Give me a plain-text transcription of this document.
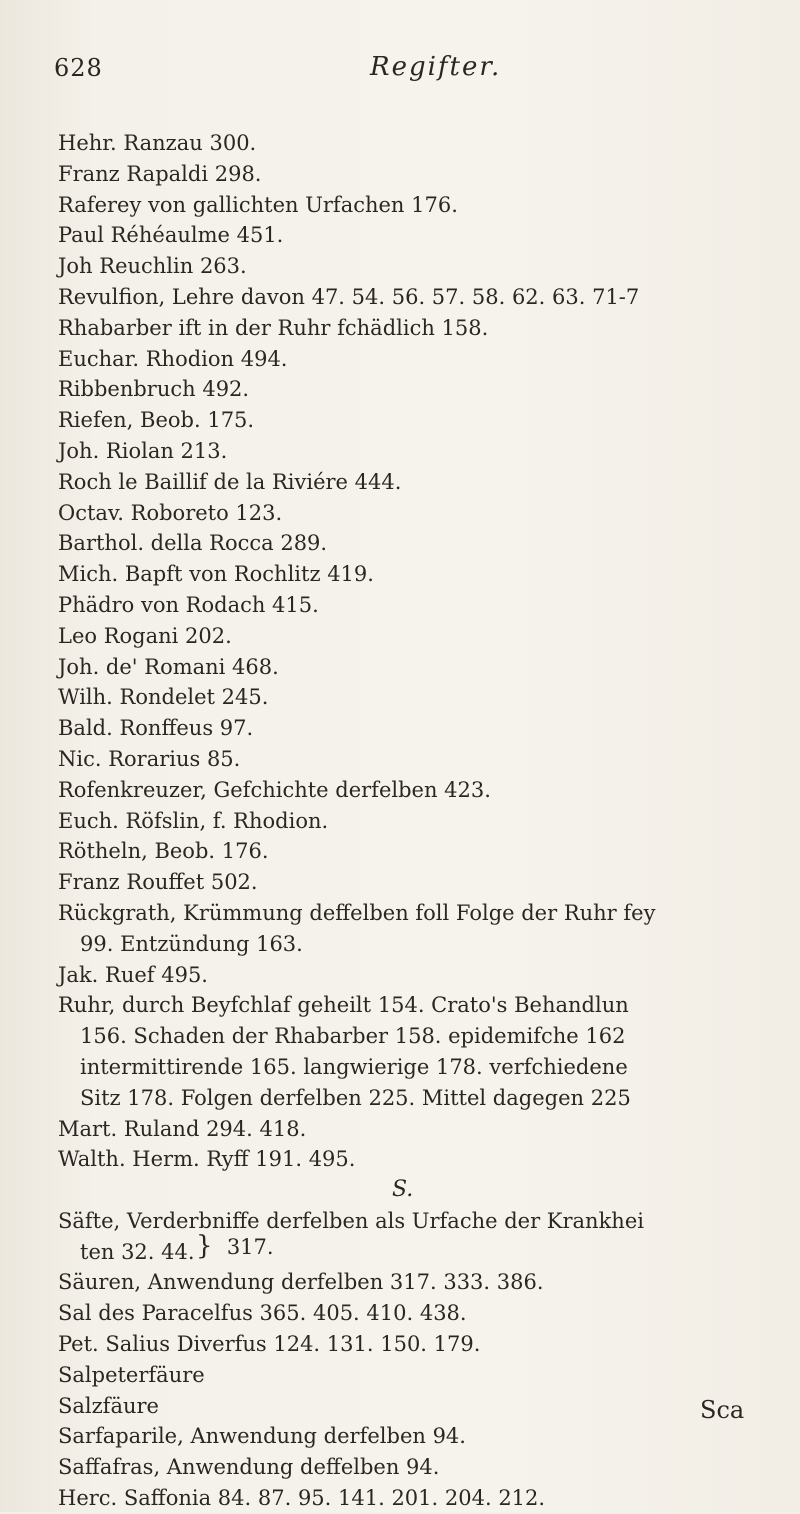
628	Regifter.
Hehr. Ranzau 300.
Franz Rapaldi 298.
Raferey von gallichten Urfachen 176.
Paul Réhéaulme 451.
Joh Reuchlin 263.
Revulfion, Lehre davon 47. 54. 56. 57. 58. 62. 63. 71-7
Rhabarber ift in der Ruhr fchädlich 158.
Euchar. Rhodion 494.
Ribbenbruch 492.
Riefen, Beob. 175.
Joh. Riolan 213.
Roch le Baillif de la Riviére 444.
Octav. Roboreto 123.
Barthol. della Rocca 289.
Mich. Bapft von Rochlitz 419.
Phädro von Rodach 415.
Leo Rogani 202.
Joh. de' Romani 468.
Wilh. Rondelet 245.
Bald. Ronffeus 97.
Nic. Rorarius 85.
Rofenkreuzer, Gefchichte derfelben 423.
Euch. Röfslin, f. Rhodion.
Rötheln, Beob. 176.
Franz Rouffet 502.
Rückgrath, Krümmung deffelben foll Folge der Ruhr fey
99. Entzündung 163.
Jak. Ruef 495.
Ruhr, durch Beyfchlaf geheilt 154. Crato's Behandlun
156. Schaden der Rhabarber 158. epidemifche 162
intermittirende 165. langwierige 178. verfchiedene
Sitz 178. Folgen derfelben 225. Mittel dagegen 225
Mart. Ruland 294. 418.
Walth. Herm. Ryff 191. 495.
S.
Säfte, Verderbniffe derfelben als Urfache der Krankhei
ten 32. 44.
Säuren, Anwendung derfelben 317. 333. 386.
Sal des Paracelfus 365. 405. 410. 438.
Pet. Salius Diverfus 124. 131. 150. 179.
Salpeterfäure
Salzfäure
Sarfaparile, Anwendung derfelben 94.
Saffafras, Anwendung deffelben 94.
Herc. Saffonia 84. 87. 95. 141. 201. 204. 212.
} 317.
Sca
